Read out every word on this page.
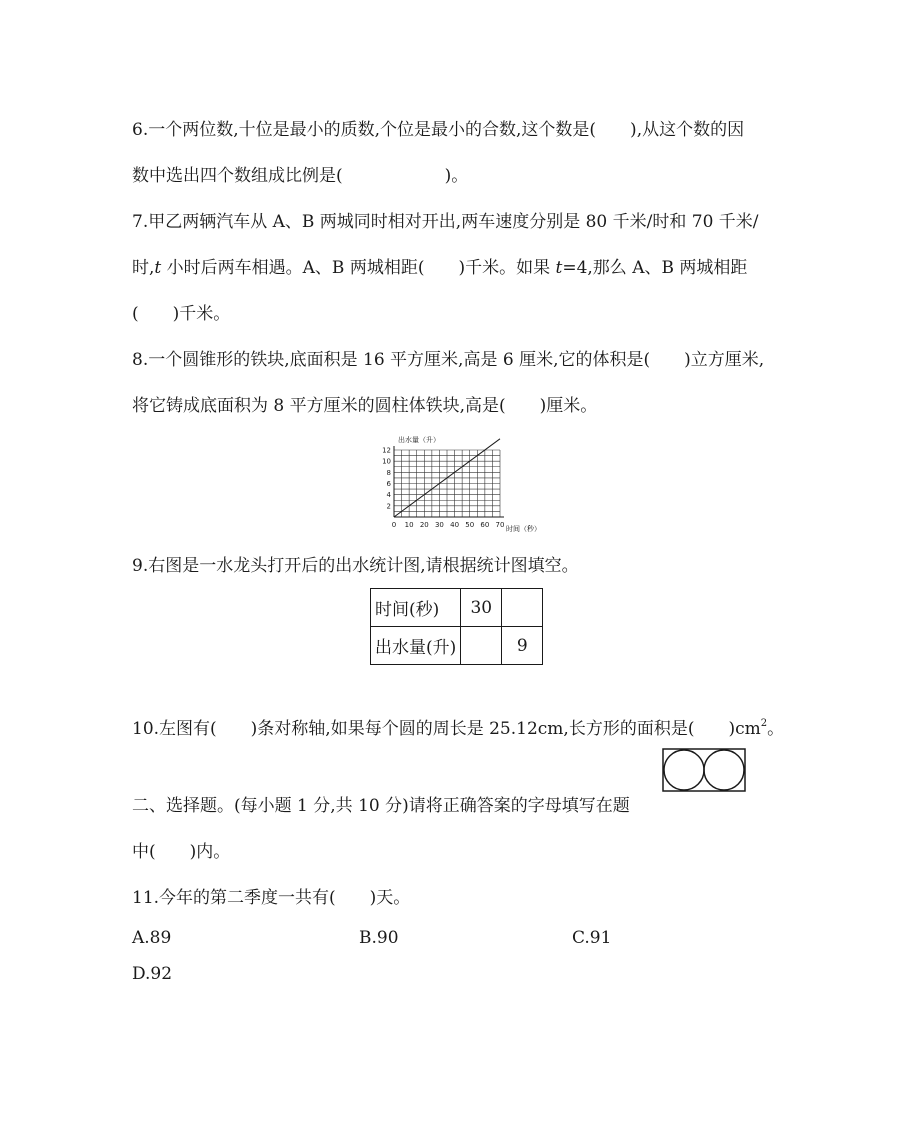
6.一个两位数,十位是最小的质数,个位是最小的合数,这个数是(　　),从这个数的因
数中选出四个数组成比例是(　　　　　　)。
7.甲乙两辆汽车从 A、B 两城同时相对开出,两车速度分别是 80 千米/时和 70 千米/
时,t 小时后两车相遇。A、B 两城相距(　　)千米。如果 t=4,那么 A、B 两城相距
(　　)千米。
8.一个圆锥形的铁块,底面积是 16 平方厘米,高是 6 厘米,它的体积是(　　)立方厘米,
将它铸成底面积为 8 平方厘米的圆柱体铁块,高是(　　)厘米。
出水量（升）
时间（秒）
0 10 20 30 40 50 60 70
2
4
6
8
10
12
9.右图是一水龙头打开后的出水统计图,请根据统计图填空。
时间(秒)	30	
出水量(升)		9
10.左图有(　　)条对称轴,如果每个圆的周长是 25.12cm,长方形的面积是(　　)$cm^2$。
二、选择题。(每小题 1 分,共 10 分)请将正确答案的字母填写在题
中(　　)内。
11.今年的第二季度一共有(　　)天。
A.89	B.90	C.91
D.92
